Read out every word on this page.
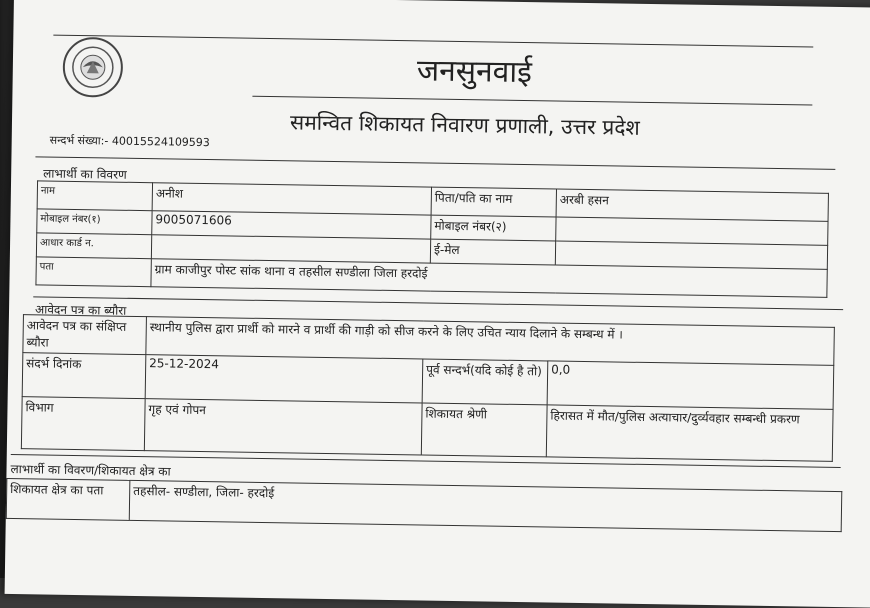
जनसुनवाई
समन्वित शिकायत निवारण प्रणाली, उत्तर प्रदेश
सन्दर्भ संख्या:- 40015524109593
लाभार्थी का विवरण
नाम	अनीश	पिता/पति का नाम	अरबी हसन
मोबाइल नंबर(१)	9005071606	मोबाइल नंबर(२)	
आधार कार्ड न.		ई-मेल	
पता	ग्राम काजीपुर पोस्ट सांक थाना व तहसील सण्डीला जिला हरदोई		
आवेदन पत्र का ब्यौरा
आवेदन पत्र का संक्षिप्त ब्यौरा	स्थानीय पुलिस द्वारा प्रार्थी को मारने व प्रार्थी की गाड़ी को सीज करने के लिए उचित न्याय दिलाने के सम्बन्ध में ।		
संदर्भ दिनांक	25-12-2024	पूर्व सन्दर्भ(यदि कोई है तो)	0,0
विभाग	गृह एवं गोपन	शिकायत श्रेणी	हिरासत में मौत/पुलिस अत्याचार/दुर्व्यवहार सम्बन्धी प्रकरण
लाभार्थी का विवरण/शिकायत क्षेत्र का
शिकायत क्षेत्र का पता	तहसील- सण्डीला, जिला- हरदोई
